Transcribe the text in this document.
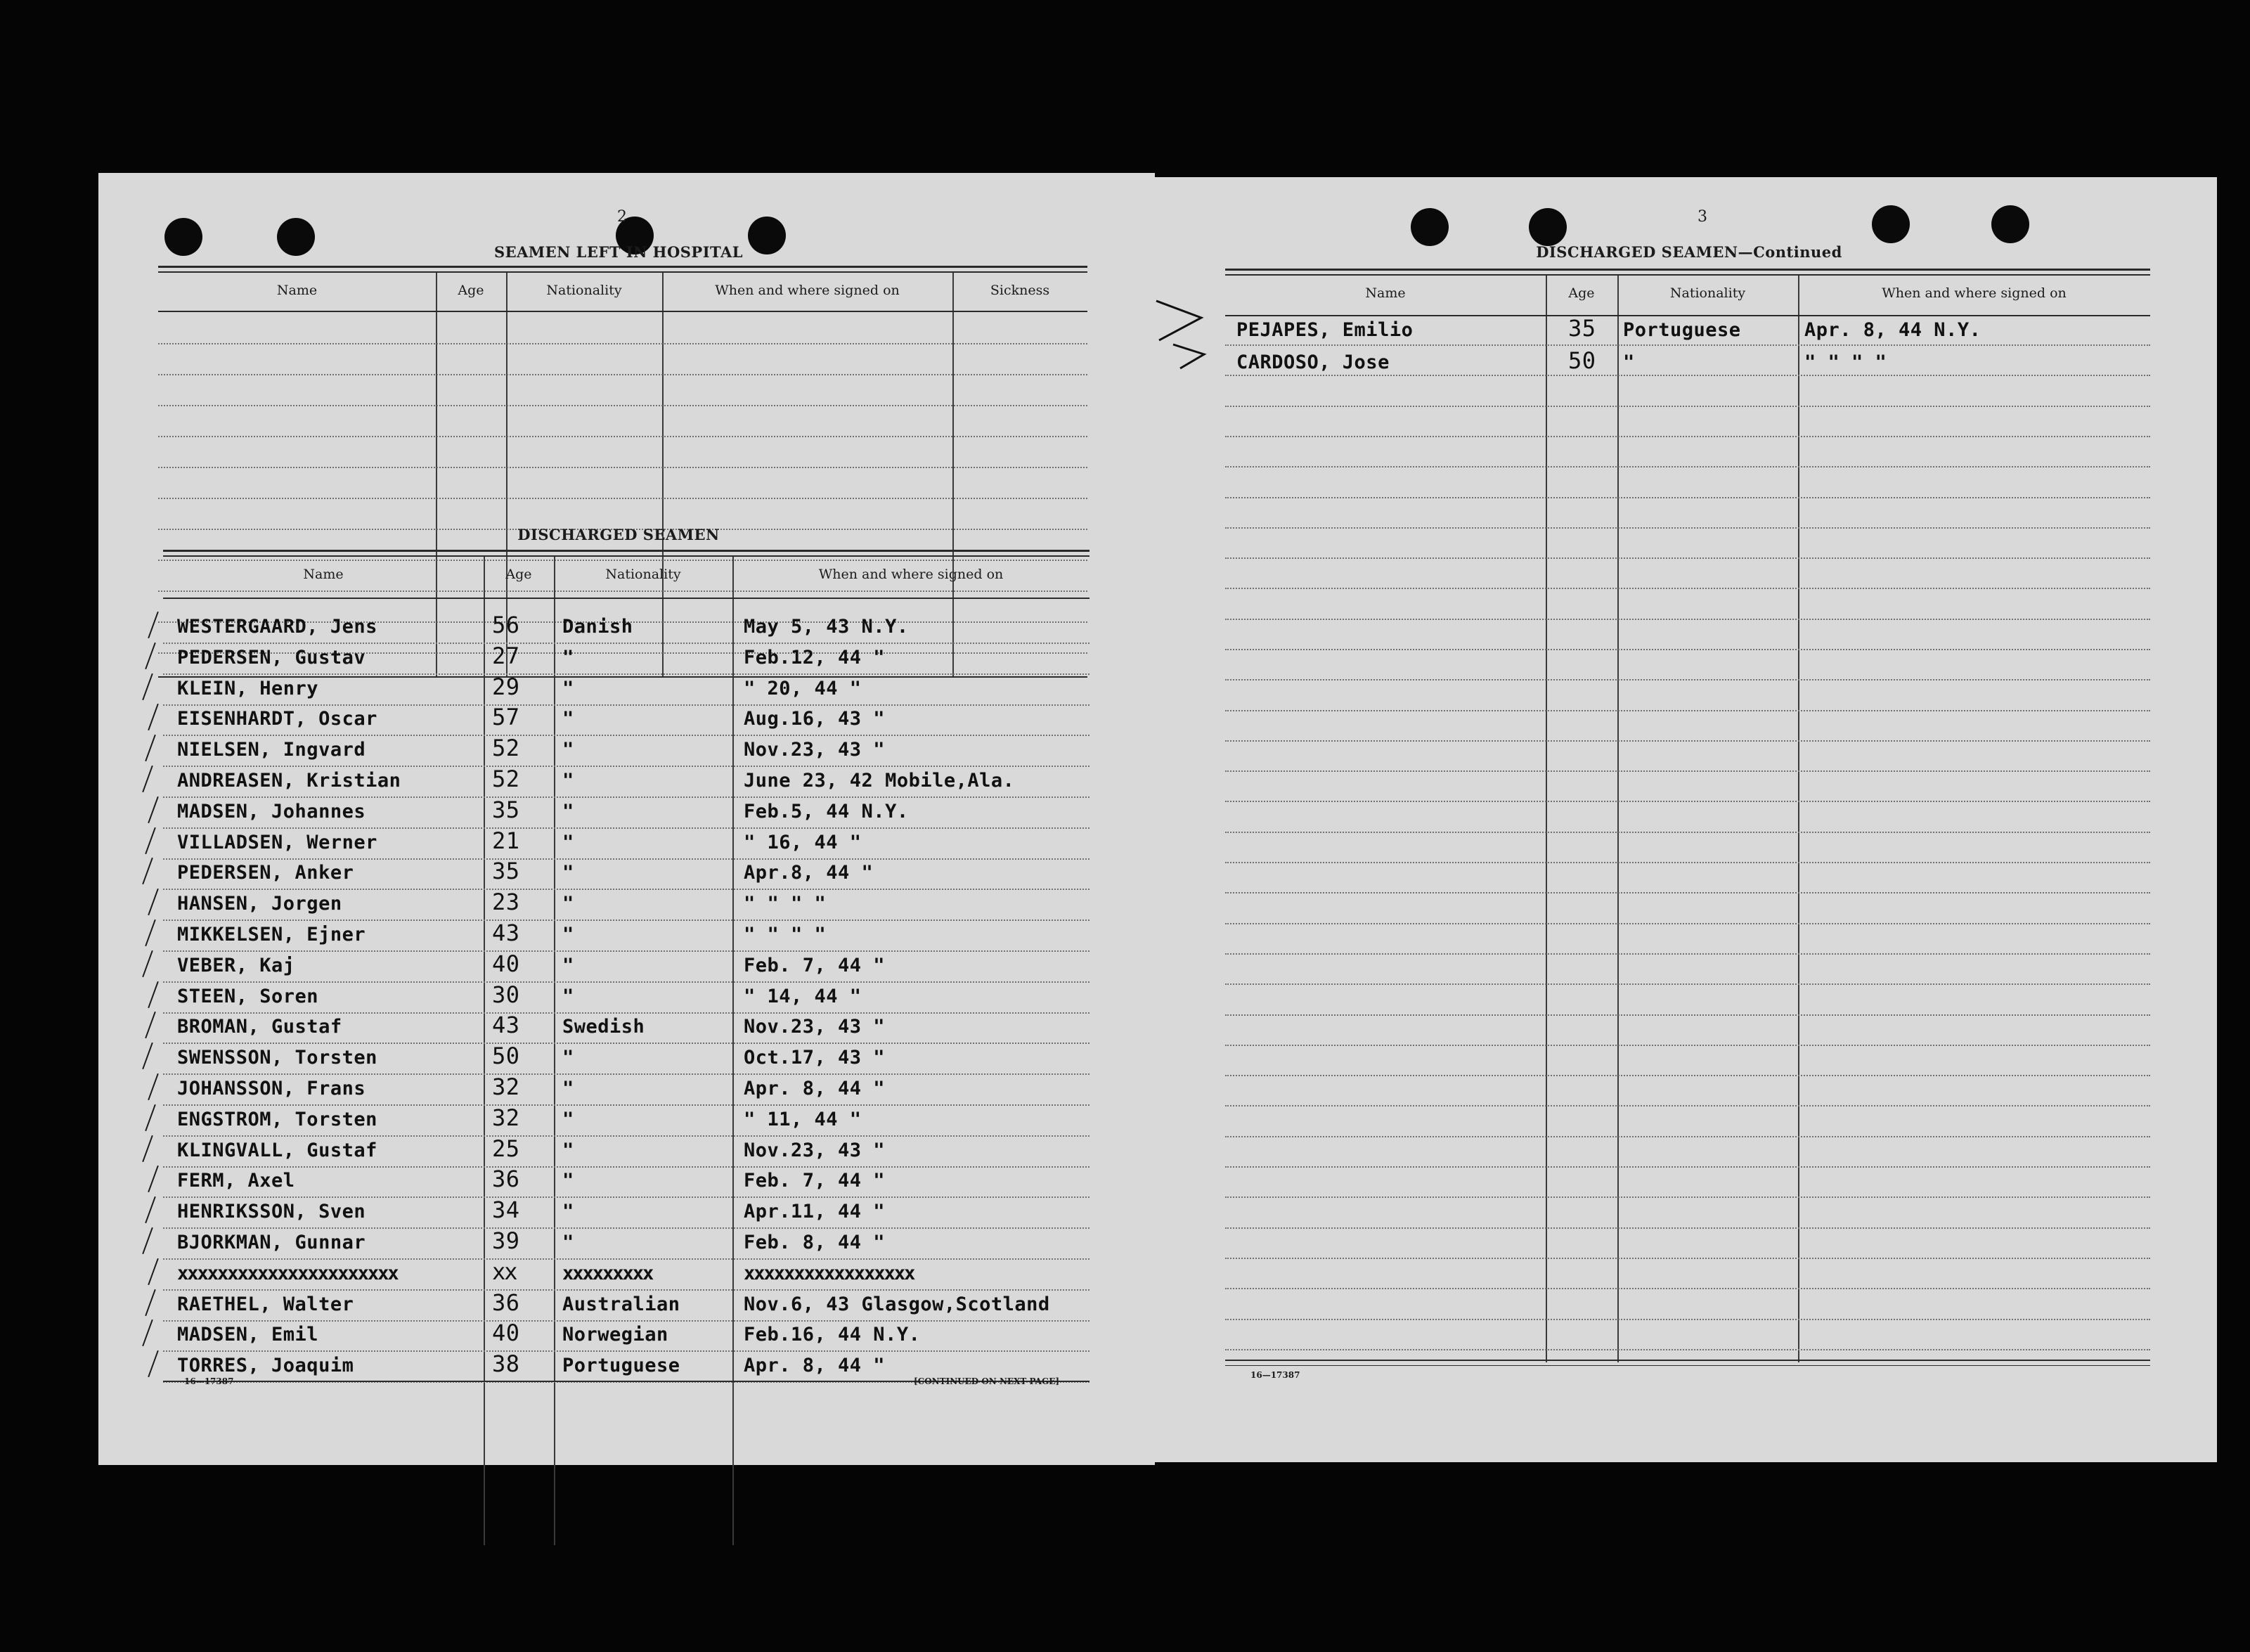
2
SEAMEN LEFT IN HOSPITAL
Name	Age	Nationality	When and where signed on	Sickness
DISCHARGED SEAMEN
Name	Age	Nationality	When and where signed on
WESTERGAARD, Jens	56 Danish	May 5, 43 N.Y.
PEDERSEN, Gustav	27 "	Feb.12, 44 "
KLEIN, Henry	29 "	" 20, 44 "
EISENHARDT, Oscar	57 "	Aug.16, 43 "
NIELSEN, Ingvard	52 "	Nov.23, 43 "
ANDREASEN, Kristian	52 "	June 23, 42 Mobile,Ala.
MADSEN, Johannes	35 "	Feb.5, 44 N.Y.
VILLADSEN, Werner	21 "	" 16, 44 "
PEDERSEN, Anker	35 "	Apr.8, 44 "
HANSEN, Jorgen	23 "	" " " "
MIKKELSEN, Ejner	43 "	" " " "
VEBER, Kaj	40 "	Feb. 7, 44 "
STEEN, Soren	30 "	" 14, 44 "
BROMAN, Gustaf	43 Swedish	Nov.23, 43 "
SWENSSON, Torsten	50 "	Oct.17, 43 "
JOHANSSON, Frans	32 "	Apr. 8, 44 "
ENGSTROM, Torsten	32 "	" 11, 44 "
KLINGVALL, Gustaf	25 "	Nov.23, 43 "
FERM, Axel	36 "	Feb. 7, 44 "
HENRIKSSON, Sven	34 "	Apr.11, 44 "
BJORKMAN, Gunnar	39 "	Feb. 8, 44 "
xxxxxxxxxxxxxxxxxxxxxx	xx xxxxxxxxx	xxxxxxxxxxxxxxxxx
RAETHEL, Walter	36 Australian	Nov.6, 43 Glasgow,Scotland
MADSEN, Emil	40 Norwegian	Feb.16, 44 N.Y.
TORRES, Joaquim	38 Portuguese	Apr. 8, 44 "
16—17387	[CONTINUED ON NEXT PAGE]
3
DISCHARGED SEAMEN—Continued
Name	Age	Nationality	When and where signed on
PEJAPES, Emilio	35 Portuguese	Apr. 8, 44 N.Y.
CARDOSO, Jose	50 "	" " " "
16—17387
